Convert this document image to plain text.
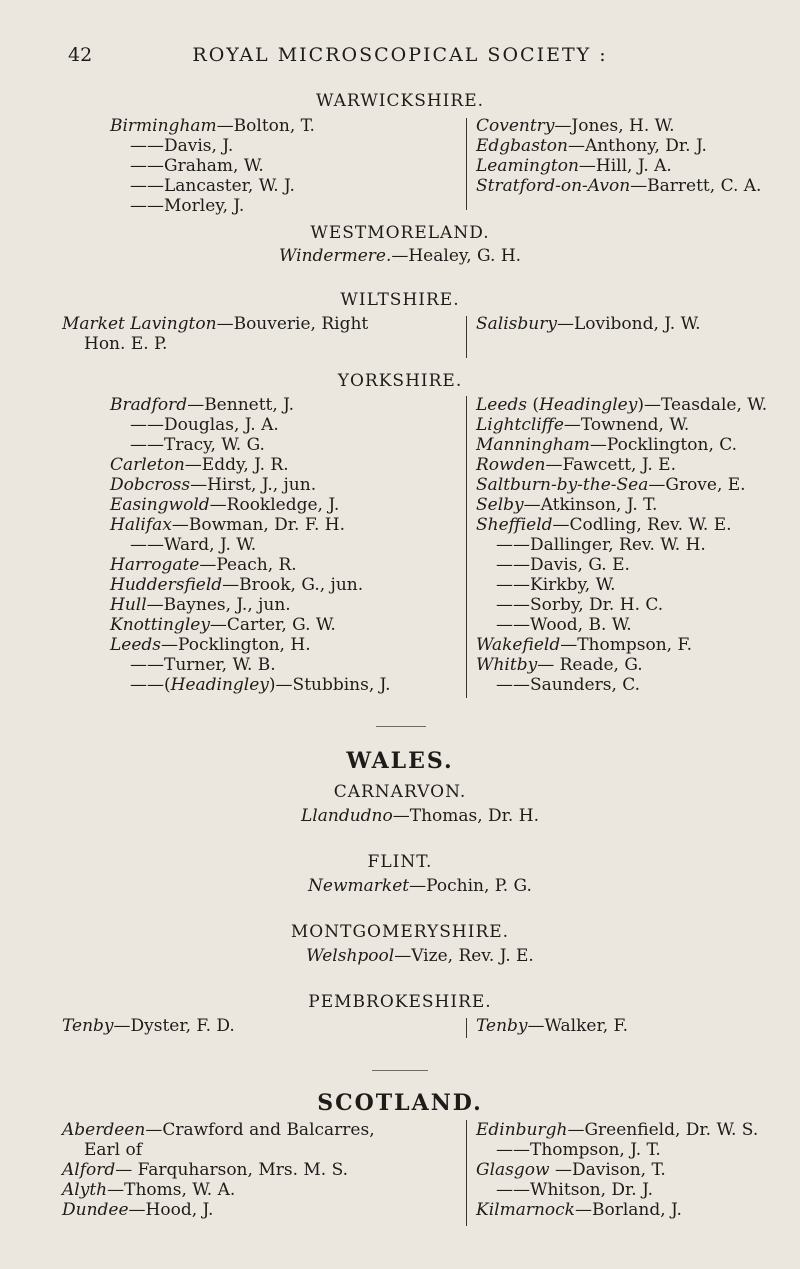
42	ROYAL MICROSCOPICAL SOCIETY :
WARWICKSHIRE.
Birmingham—Bolton, T.
——Davis, J.
——Graham, W.
——Lancaster, W. J.
——Morley, J.
Coventry—Jones, H. W.
Edgbaston—Anthony, Dr. J.
Leamington—Hill, J. A.
Stratford-on-Avon—Barrett, C. A.
WESTMORELAND.
Windermere.—Healey, G. H.
WILTSHIRE.
Market Lavington—Bouverie, Right
Hon. E. P.
Salisbury—Lovibond, J. W.
YORKSHIRE.
Bradford—Bennett, J.
——Douglas, J. A.
——Tracy, W. G.
Carleton—Eddy, J. R.
Dobcross—Hirst, J., jun.
Easingwold—Rookledge, J.
Halifax—Bowman, Dr. F. H.
——Ward, J. W.
Harrogate—Peach, R.
Huddersfield—Brook, G., jun.
Hull—Baynes, J., jun.
Knottingley—Carter, G. W.
Leeds—Pocklington, H.
——Turner, W. B.
——(Headingley)—Stubbins, J.
Leeds (Headingley)—Teasdale, W.
Lightcliffe—Townend, W.
Manningham—Pocklington, C.
Rowden—Fawcett, J. E.
Saltburn-by-the-Sea—Grove, E.
Selby—Atkinson, J. T.
Sheffield—Codling, Rev. W. E.
——Dallinger, Rev. W. H.
——Davis, G. E.
——Kirkby, W.
——Sorby, Dr. H. C.
——Wood, B. W.
Wakefield—Thompson, F.
Whitby— Reade, G.
——Saunders, C.
WALES.
CARNARVON.
Llandudno—Thomas, Dr. H.
FLINT.
Newmarket—Pochin, P. G.
MONTGOMERYSHIRE.
Welshpool—Vize, Rev. J. E.
PEMBROKESHIRE.
Tenby—Dyster, F. D.	Tenby—Walker, F.
SCOTLAND.
Aberdeen—Crawford and Balcarres,
Earl of
Alford— Farquharson, Mrs. M. S.
Alyth—Thoms, W. A.
Dundee—Hood, J.
Edinburgh—Greenfield, Dr. W. S.
——Thompson, J. T.
Glasgow —Davison, T.
——Whitson, Dr. J.
Kilmarnock—Borland, J.
